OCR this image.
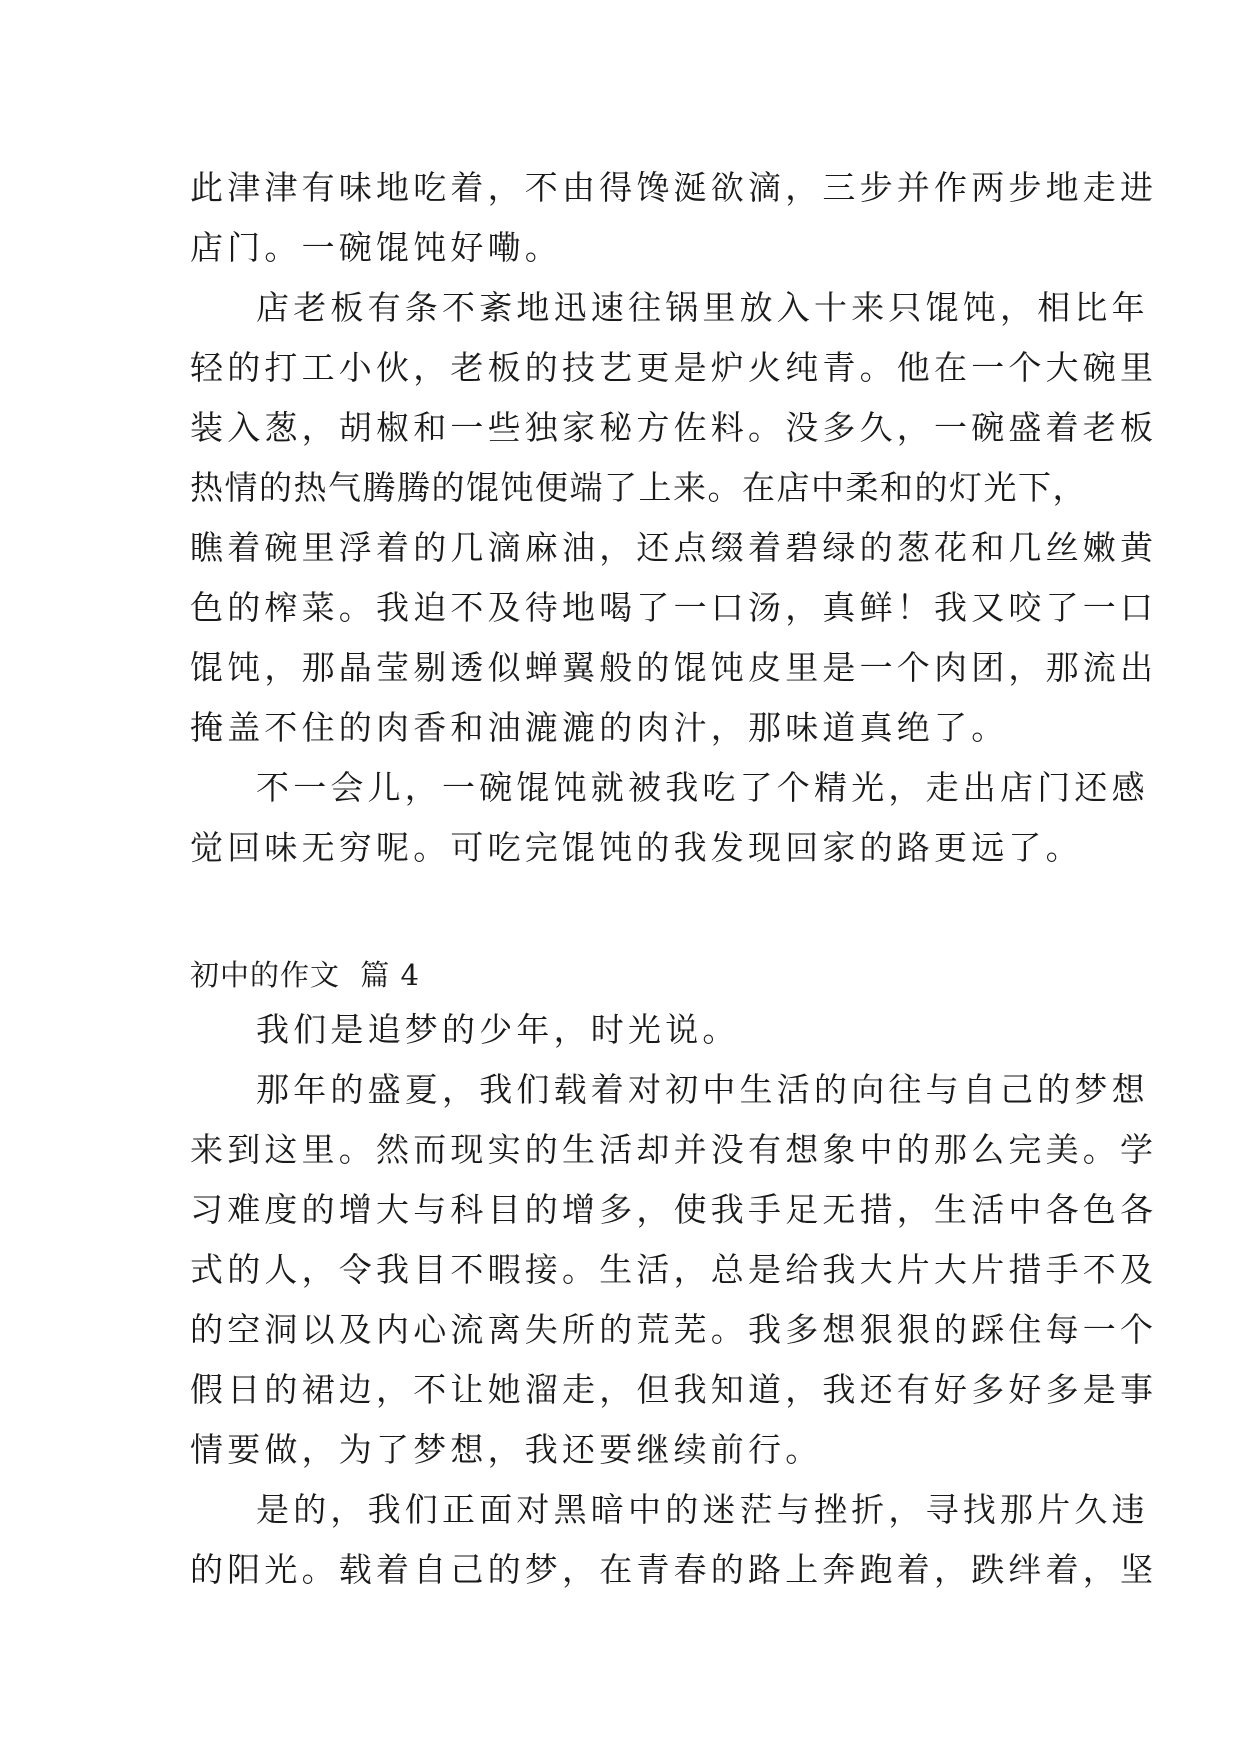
此津津有味地吃着，不由得馋涎欲滴，三步并作两步地走进
店门。一碗馄饨好嘞。
店老板有条不紊地迅速往锅里放入十来只馄饨，相比年
轻的打工小伙，老板的技艺更是炉火纯青。他在一个大碗里
装入葱，胡椒和一些独家秘方佐料。没多久，一碗盛着老板
热情的热气腾腾的馄饨便端了上来。在店中柔和的灯光下，
瞧着碗里浮着的几滴麻油，还点缀着碧绿的葱花和几丝嫩黄
色的榨菜。我迫不及待地喝了一口汤，真鲜！我又咬了一口
馄饨，那晶莹剔透似蝉翼般的馄饨皮里是一个肉团，那流出
掩盖不住的肉香和油漉漉的肉汁，那味道真绝了。
不一会儿，一碗馄饨就被我吃了个精光，走出店门还感
觉回味无穷呢。可吃完馄饨的我发现回家的路更远了。
初中的作文 篇 4
我们是追梦的少年，时光说。
那年的盛夏，我们载着对初中生活的向往与自己的梦想
来到这里。然而现实的生活却并没有想象中的那么完美。学
习难度的增大与科目的增多，使我手足无措，生活中各色各
式的人，令我目不暇接。生活，总是给我大片大片措手不及
的空洞以及内心流离失所的荒芜。我多想狠狠的踩住每一个
假日的裙边，不让她溜走，但我知道，我还有好多好多是事
情要做，为了梦想，我还要继续前行。
是的，我们正面对黑暗中的迷茫与挫折，寻找那片久违
的阳光。载着自己的梦，在青春的路上奔跑着，跌绊着，坚
